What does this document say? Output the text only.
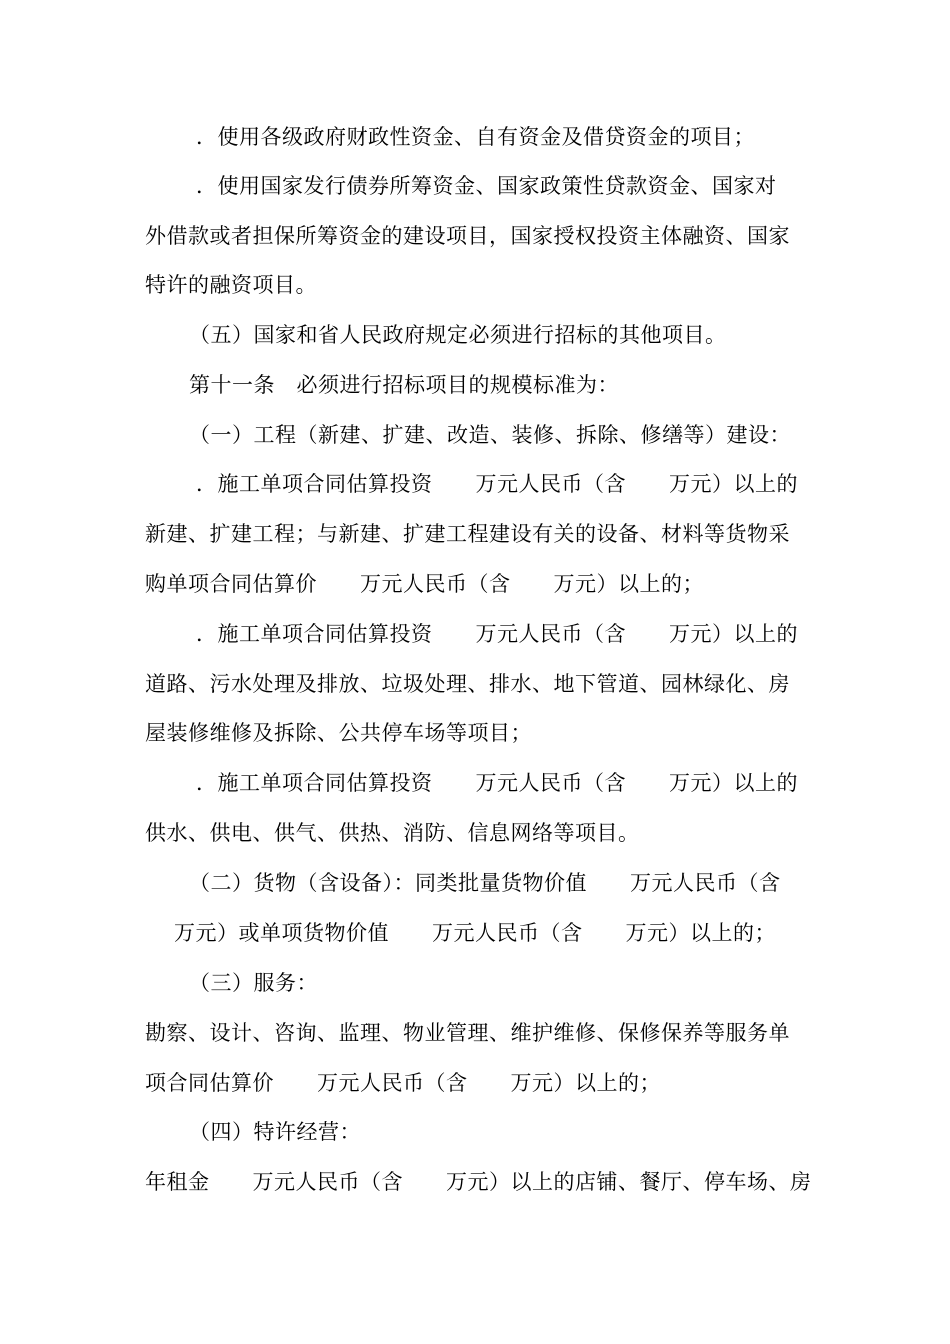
．使用各级政府财政性资金、自有资金及借贷资金的项目；

．使用国家发行债券所筹资金、国家政策性贷款资金、国家对

外借款或者担保所筹资金的建设项目，国家授权投资主体融资、国家

特许的融资项目。

（五）国家和省人民政府规定必须进行招标的其他项目。

第十一条　必须进行招标项目的规模标准为：

（一）工程（新建、扩建、改造、装修、拆除、修缮等）建设：

．施工单项合同估算投资　　万元人民币（含　　万元）以上的

新建、扩建工程；与新建、扩建工程建设有关的设备、材料等货物采

购单项合同估算价　　万元人民币（含　　万元）以上的；

．施工单项合同估算投资　　万元人民币（含　　万元）以上的

道路、污水处理及排放、垃圾处理、排水、地下管道、园林绿化、房

屋装修维修及拆除、公共停车场等项目；

．施工单项合同估算投资　　万元人民币（含　　万元）以上的

供水、供电、供气、供热、消防、信息网络等项目。

（二）货物（含设备）：同类批量货物价值　　万元人民币（含

万元）或单项货物价值　　万元人民币（含　　万元）以上的；

（三）服务：

勘察、设计、咨询、监理、物业管理、维护维修、保修保养等服务单

项合同估算价　　万元人民币（含　　万元）以上的；

（四）特许经营：

年租金　　万元人民币（含　　万元）以上的店铺、餐厅、停车场、房
